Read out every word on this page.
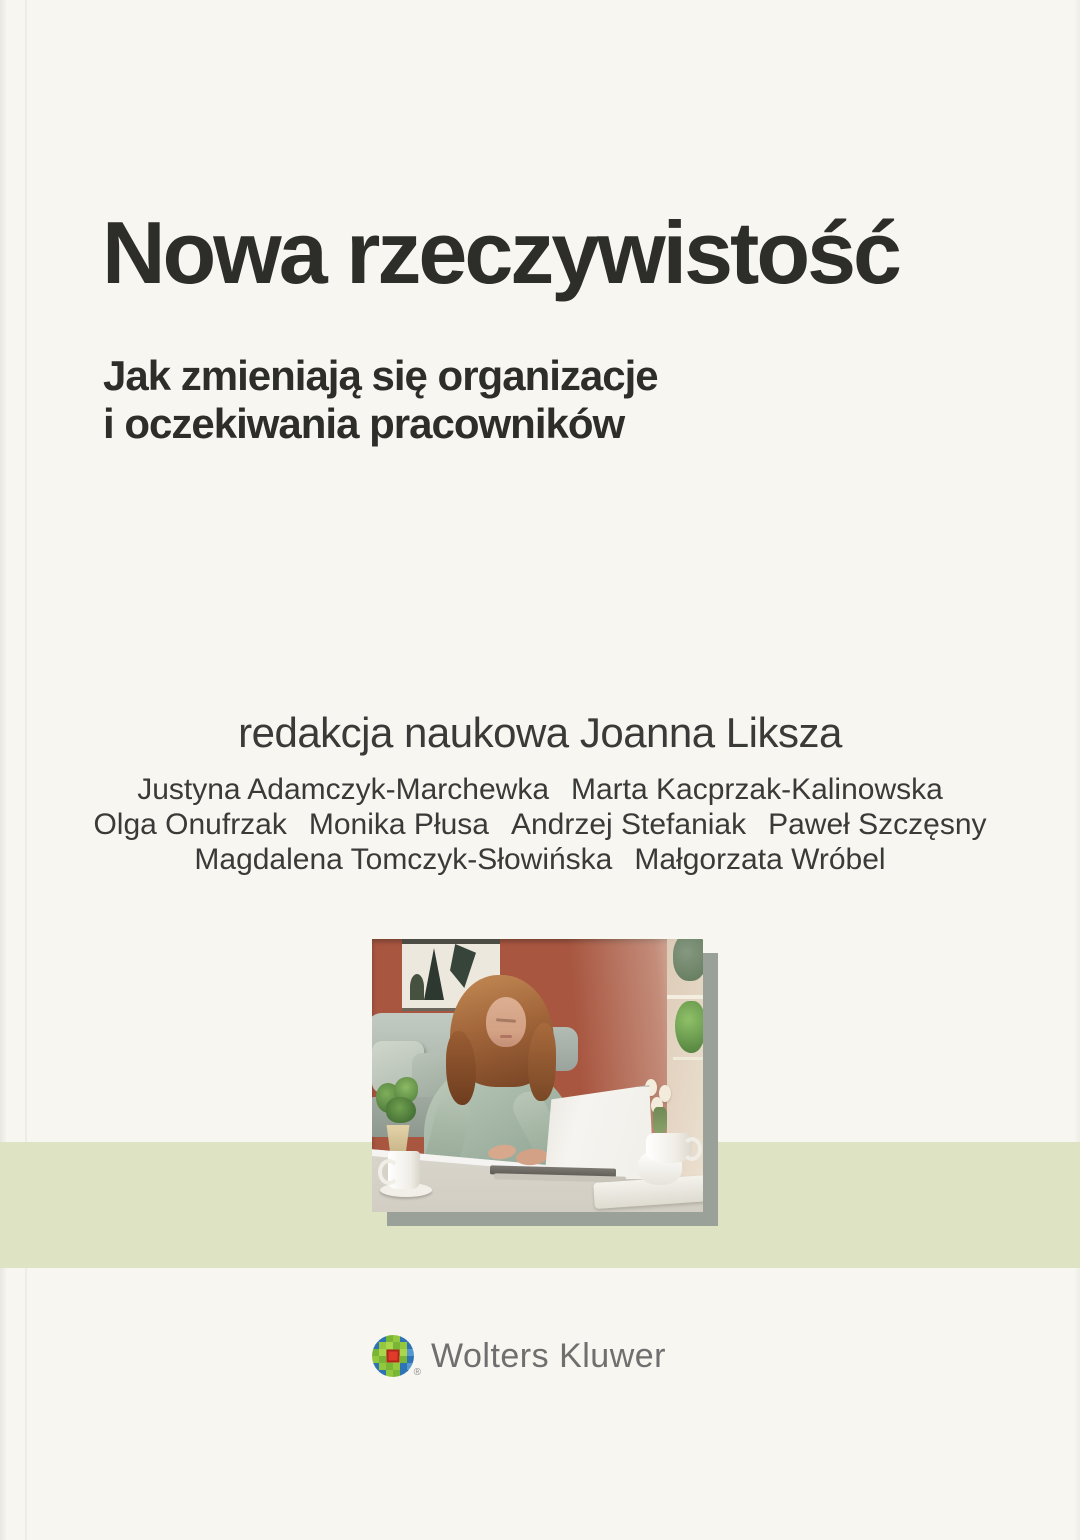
Nowa rzeczywistość
Jak zmieniają się organizacje
i oczekiwania pracowników
redakcja naukowa Joanna Liksza
Justyna Adamczyk-Marchewka Marta Kacprzak-Kalinowska
Olga Onufrzak Monika Płusa Andrzej Stefaniak Paweł Szczęsny
Magdalena Tomczyk-Słowińska Małgorzata Wróbel
® Wolters Kluwer
